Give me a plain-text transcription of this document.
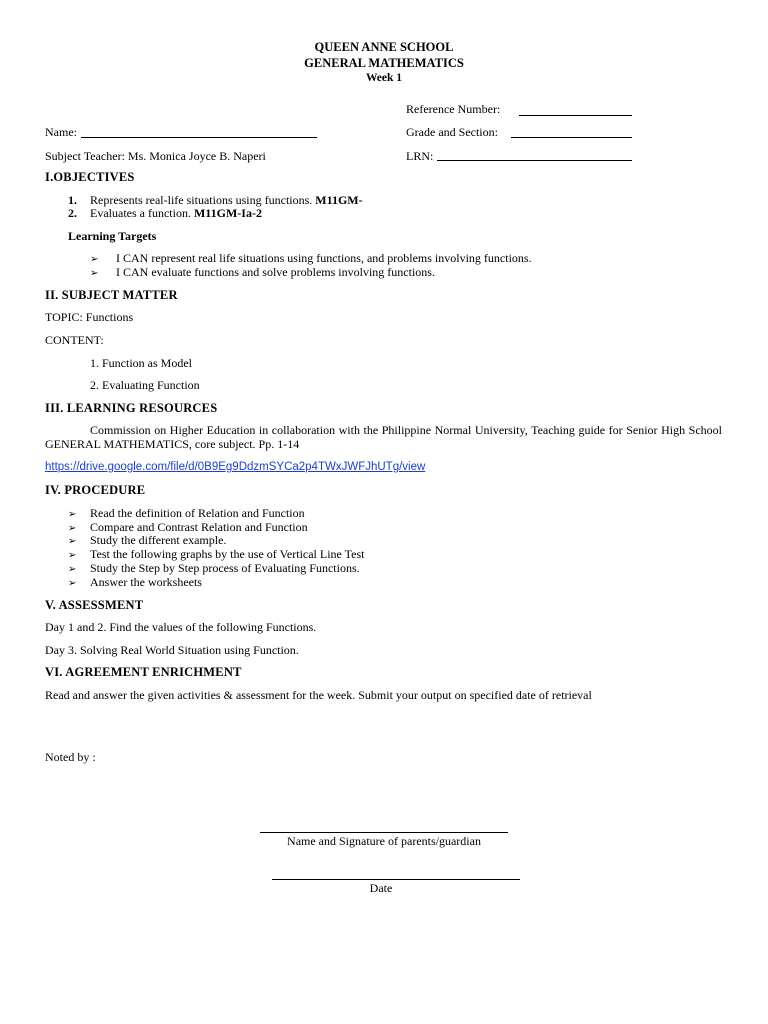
QUEEN ANNE SCHOOL
GENERAL MATHEMATICS
Week 1
Reference Number:
Name:	Grade and Section:
Subject Teacher: Ms. Monica Joyce B. Naperi	LRN:
I.OBJECTIVES
1. Represents real-life situations using functions. M11GM-
2. Evaluates a function. M11GM-Ia-2
Learning Targets
➢ I CAN represent real life situations using functions, and problems involving functions.
➢ I CAN evaluate functions and solve problems involving functions.
II. SUBJECT MATTER
TOPIC: Functions
CONTENT:
1. Function as Model
2. Evaluating Function
III. LEARNING RESOURCES
Commission on Higher Education in collaboration with the Philippine Normal University, Teaching guide for Senior High School GENERAL MATHEMATICS, core subject. Pp. 1-14
https://drive.google.com/file/d/0B9Eg9DdzmSYCa2p4TWxJWFJhUTg/view
IV. PROCEDURE
➢ Read the definition of Relation and Function
➢ Compare and Contrast Relation and Function
➢ Study the different example.
➢ Test the following graphs by the use of Vertical Line Test
➢ Study the Step by Step process of Evaluating Functions.
➢ Answer the worksheets
V. ASSESSMENT
Day 1 and 2. Find the values of the following Functions.
Day 3. Solving Real World Situation using Function.
VI. AGREEMENT ENRICHMENT
Read and answer the given activities & assessment for the week. Submit your output on specified date of retrieval
Noted by :
Name and Signature of parents/guardian
Date
